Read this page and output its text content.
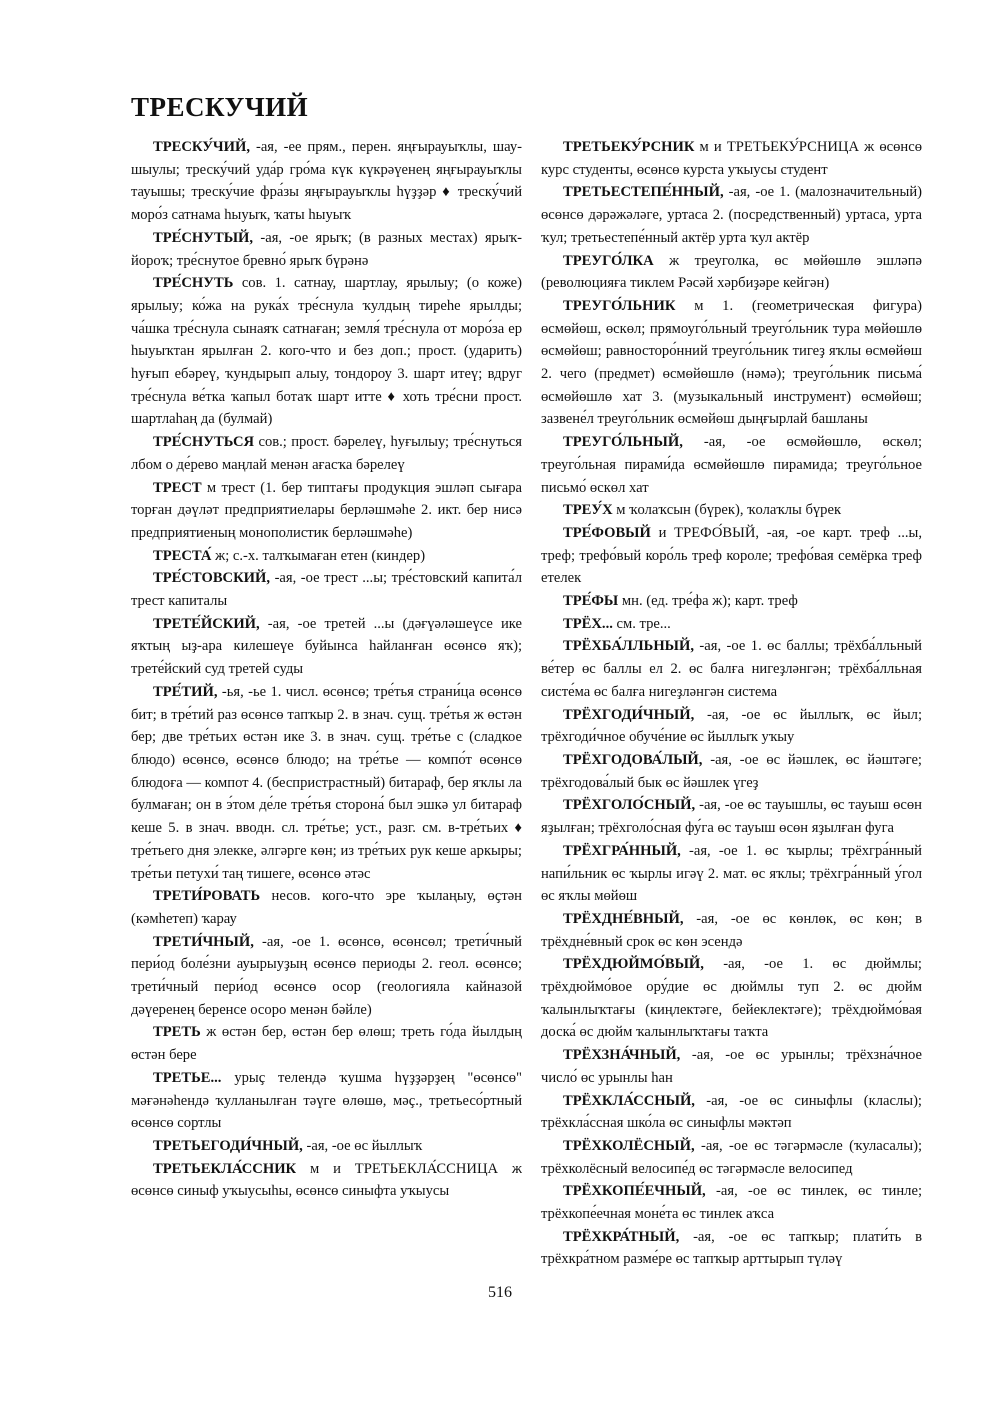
ТРЕСКУЧИЙ

ТРЕСКУ́ЧИЙ, -ая, -ее прям., перен. яңғырауыҡлы, шау-шыулы; треску́чий уда́р гро́ма күк күкрәүенең яңғырауыҡлы тауышы; треску́чие фра́зы яңғырауыҡлы һүҙҙәр ♦ треску́чий моро́з сатнама һыуыҡ, ҡаты һыуыҡ

ТРЕ́СНУТЫЙ, -ая, -ое ярыҡ; (в разных местах) ярыҡ-йороҡ; тре́снутое бревно́ ярыҡ бүрәнә

ТРЕ́СНУТЬ сов. 1. сатнау, шартлау, ярылыу; (о коже) ярылыу; ко́жа на рука́х тре́снула ҡулдың тиреһе ярылды; ча́шка тре́снула сынаяҡ сатнаған; земля́ тре́снула от моро́за ер һыуыҡтан ярылған 2. кого-что и без доп.; прост. (ударить) һуғып ебәреү, ҡундырып алыу, тондороу 3. шарт итеү; вдруг тре́снула ве́тка ҡапыл ботаҡ шарт итте ♦ хоть тре́сни прост. шартлаһаң да (булмай)

ТРЕ́СНУТЬСЯ сов.; прост. бәрелеү, һуғылыу; тре́снуться лбом о де́рево маңлай менән ағасҡа бәрелеү

ТРЕСТ м трест (1. бер типтағы продукция эшләп сығара торған дәүләт предприятиелары берләшмәһе 2. икт. бер нисә предприятиеның монополистик берләшмәһе)

ТРЕСТА́ ж; с.-х. талҡымаған етен (киндер)

ТРЕ́СТОВСКИЙ, -ая, -ое трест ...ы; тре́стовский капита́л трест капиталы

ТРЕТЕ́ЙСКИЙ, -ая, -ое третей ...ы (дәғүәләшеүсе ике яҡтың ыҙ-ара килешеүе буйынса һайланған өсөнсө яҡ); трете́йский суд третей суды

ТРЕ́ТИЙ, -ья, -ье 1. числ. өсөнсө; тре́тья страни́ца өсөнсө бит; в тре́тий раз өсөнсө тапҡыр 2. в знач. сущ. тре́тья ж өстән бер; две тре́тьих өстән ике 3. в знач. сущ. тре́тье с (сладкое блюдо) өсөнсө, өсөнсө блюдо; на тре́тье — компо́т өсөнсө блюдоға — компот 4. (беспристрастный) битараф, бер яҡлы ла булмаған; он в э́том де́ле тре́тья сторона́ был эшкә ул битараф кеше 5. в знач. вводн. сл. тре́тье; уст., разг. см. в-тре́тьих ♦ тре́тьего дня элекке, әлгәрге көн; из тре́тьих рук кеше аркыры; тре́тьи петухи́ таң тишеге, өсөнсө әтәс

ТРЕТИ́РОВАТЬ несов. кого-что эре ҡылаңыу, өҫтән (кәмһетеп) ҡарау

ТРЕТИ́ЧНЫЙ, -ая, -ое 1. өсөнсө, өсөнсөл; трети́чный пери́од боле́зни ауырыуҙың өсөнсө периоды 2. геол. өсөнсө; трети́чный пери́од өсөнсө осор (геологияла кайназой дәүеренең беренсе осоро менән бәйле)

ТРЕТЬ ж өстән бер, өстән бер өлөш; треть го́да йылдың өстән бере

ТРЕТЬЕ... урыҫ телендә ҡушма һүҙҙәрҙең "өсөнсө" мәғәнәһендә ҡулланылған тәүге өлөшө, мәҫ., третьесо́ртный өсөнсө сортлы

ТРЕТЬЕГОДИ́ЧНЫЙ, -ая, -ое өс йыллыҡ

ТРЕТЬЕКЛА́ССНИК м и ТРЕТЬЕКЛА́ССНИЦА ж өсөнсө синыф уҡыусыһы, өсөнсө синыфта уҡыусы

ТРЕТЬЕКУ́РСНИК м и ТРЕТЬЕКУ́РСНИЦА ж өсөнсө курс студенты, өсөнсө курста уҡыусы студент

ТРЕТЬЕСТЕПЕ́ННЫЙ, -ая, -ое 1. (малозначительный) өсөнсө дәрәжәләге, уртаса 2. (посредственный) уртаса, урта ҡул; третьестепе́нный актёр урта ҡул актёр

ТРЕУГО́ЛКА ж треуголка, өс мөйөшлө эшләпә (революцияға тиклем Рәсәй хәрбиҙәре кейгән)

ТРЕУГО́ЛЬНИК м 1. (геометрическая фигура) өсмөйөш, өскөл; прямоуго́льный треуго́льник тура мөйөшлө өсмөйөш; равносторо́нний треуго́льник тигеҙ яҡлы өсмөйөш 2. чего (предмет) өсмөйөшлө (нәмә); треуго́льник письма́ өсмөйөшлө хат 3. (музыкальный инструмент) өсмөйөш; зазвене́л треуго́льник өсмөйөш дыңғырлай башланы

ТРЕУГО́ЛЬНЫЙ, -ая, -ое өсмөйөшлө, өскөл; треуго́льная пирами́да өсмөйөшлө пирамида; треуго́льное письмо́ өскөл хат

ТРЕУ́Х м ҡолаҡсын (бүрек), ҡолаҡлы бүрек

ТРЕ́ФОВЫЙ и ТРЕФО́ВЫЙ, -ая, -ое карт. треф ...ы, треф; трефо́вый коро́ль треф короле; трефо́вая семёрка треф етелек

ТРЕ́ФЫ мн. (ед. тре́фа ж); карт. треф

ТРЁХ... см. тре...

ТРЁХБА́ЛЛЬНЫЙ, -ая, -ое 1. өс баллы; трёхба́лльный ве́тер өс баллы ел 2. өс балға нигеҙләнгән; трёхба́лльная систе́ма өс балға нигеҙләнгән система

ТРЁХГОДИ́ЧНЫЙ, -ая, -ое өс йыллыҡ, өс йыл; трёхгоди́чное обуче́ние өс йыллыҡ уҡыу

ТРЁХГОДОВА́ЛЫЙ, -ая, -ое өс йәшлек, өс йәштәге; трёхгодова́лый бык өс йәшлек үгеҙ

ТРЁХГОЛО́СНЫЙ, -ая, -ое өс тауышлы, өс тауыш өсөн яҙылған; трёхголо́сная фу́га өс тауыш өсөн яҙылған фуга

ТРЁХГРА́ННЫЙ, -ая, -ое 1. өс ҡырлы; трёхгра́нный напи́льник өс ҡырлы игәү 2. мат. өс яҡлы; трёхгра́нный у́гол өс яҡлы мөйөш

ТРЁХДНЕ́ВНЫЙ, -ая, -ое өс көнлөк, өс көн; в трёхдне́вный срок өс көн эсендә

ТРЁХДЮЙМО́ВЫЙ, -ая, -ое 1. өс дюймлы; трёхдюймо́вое ору́дие өс дюймлы туп 2. өс дюйм ҡалынлыҡтағы (киңлектәге, бейеклектәге); трёхдюймо́вая доска́ өс дюйм ҡалынлыҡтағы таҡта

ТРЁХЗНА́ЧНЫЙ, -ая, -ое өс урынлы; трёхзна́чное число́ өс урынлы һан

ТРЁХКЛА́ССНЫЙ, -ая, -ое өс синыфлы (класлы); трёхкла́ссная шко́ла өс синыфлы мәктәп

ТРЁХКОЛЁСНЫЙ, -ая, -ое өс тәгәрмәсле (ҡуласалы); трёхколёсный велосипе́д өс тәгәрмәсле велосипед

ТРЁХКОПЕ́ЕЧНЫЙ, -ая, -ое өс тинлек, өс тинле; трёхкопе́ечная моне́та өс тинлек аҡса

ТРЁХКРА́ТНЫЙ, -ая, -ое өс тапҡыр; плати́ть в трёхкра́тном разме́ре өс тапҡыр арттырып түләү

516
